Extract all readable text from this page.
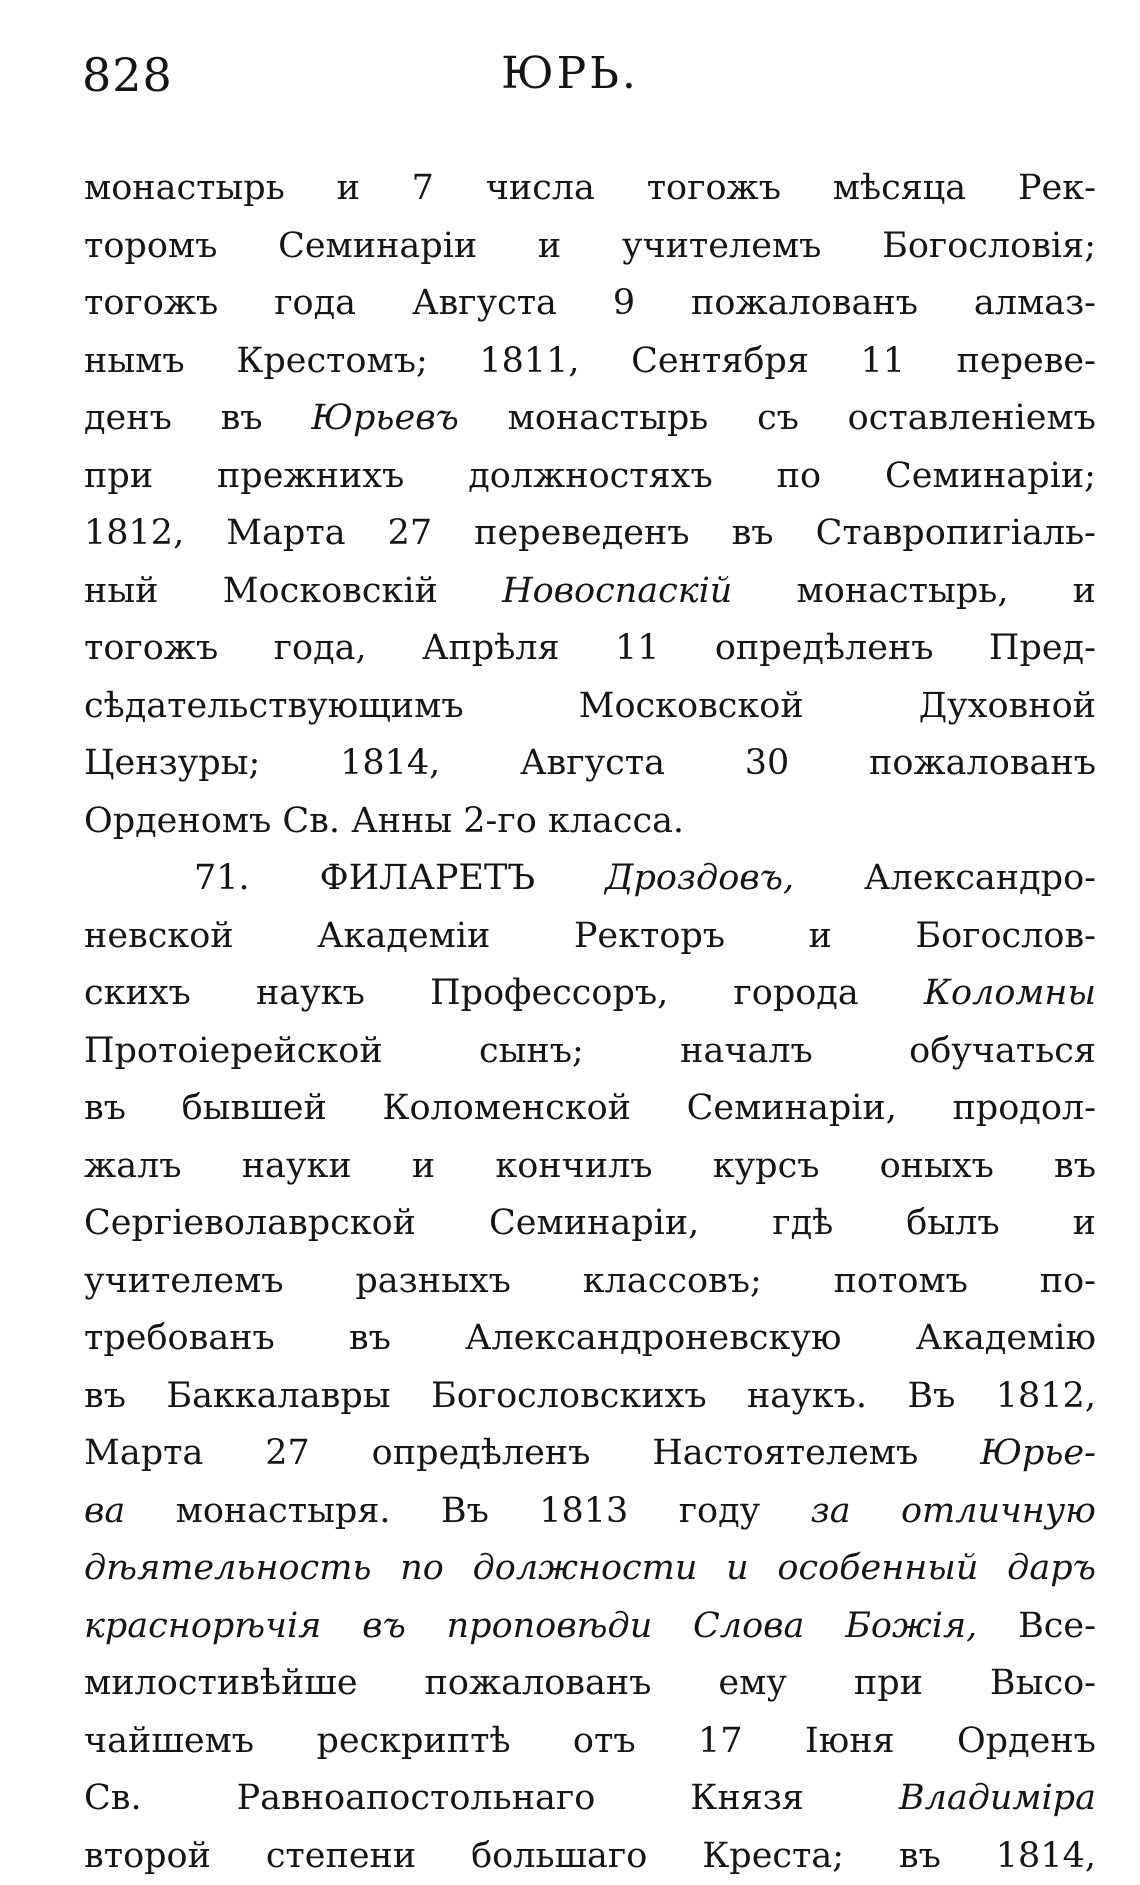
828	ЮРЬ.
монастырь и 7 числа тогожъ мѣсяца Рек-
торомъ Семинаріи и учителемъ Богословія;
тогожъ года Августа 9 пожалованъ алмаз-
нымъ Крестомъ; 1811, Сентября 11 переве-
денъ въ Юрьевъ монастырь съ оставленіемъ
при прежнихъ должностяхъ по Семинаріи;
1812, Марта 27 переведенъ въ Ставропигіаль-
ный Московскій Новоспаскій монастырь, и
тогожъ года, Апрѣля 11 опредѣленъ Пред-
сѣдательствующимъ	Московской	Духовной
Цензуры; 1814, Августа 30 пожалованъ
Орденомъ Св. Анны 2-го класса.
71. ФИЛАРЕТЪ Дроздовъ, Александро-
невской Академіи Ректоръ и Богослов-
скихъ наукъ Профессоръ, города Коломны
Протоіерейской	сынъ;	началъ	обучаться
въ бывшей Коломенской Семинаріи, продол-
жалъ науки и кончилъ курсъ оныхъ въ
Сергіеволаврской Семинаріи, гдѣ былъ и
учителемъ разныхъ классовъ; потомъ по-
требованъ въ Александроневскую Академію
въ Баккалавры Богословскихъ наукъ. Въ 1812,
Марта 27 опредѣленъ Настоятелемъ Юрье-
ва монастыря. Въ 1813 году за отличную
дѣятельность по должности и особенный даръ
краснорѣчія въ проповѣди Слова Божія, Все-
милостивѣйше пожалованъ ему при Высо-
чайшемъ рескриптѣ отъ 17 Іюня Орденъ
Св.	Равноапостольнаго	Князя	Владиміра
второй степени большаго Креста; въ 1814,
